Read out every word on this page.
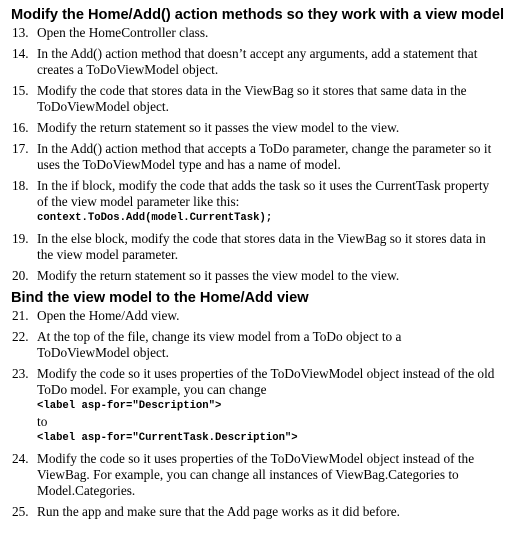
Modify the Home/Add() action methods so they work with a view model
13. Open the HomeController class.
14. In the Add() action method that doesn’t accept any arguments, add a statement that creates a ToDoViewModel object.
15. Modify the code that stores data in the ViewBag so it stores that same data in the ToDoViewModel object.
16. Modify the return statement so it passes the view model to the view.
17. In the Add() action method that accepts a ToDo parameter, change the parameter so it uses the ToDoViewModel type and has a name of model.
18. In the if block, modify the code that adds the task so it uses the CurrentTask property of the view model parameter like this:
context.ToDos.Add(model.CurrentTask);
19. In the else block, modify the code that stores data in the ViewBag so it stores data in the view model parameter.
20. Modify the return statement so it passes the view model to the view.
Bind the view model to the Home/Add view
21. Open the Home/Add view.
22. At the top of the file, change its view model from a ToDo object to a ToDoViewModel object.
23. Modify the code so it uses properties of the ToDoViewModel object instead of the old ToDo model. For example, you can change
<label asp-for="Description">
to
<label asp-for="CurrentTask.Description">
24. Modify the code so it uses properties of the ToDoViewModel object instead of the ViewBag. For example, you can change all instances of ViewBag.Categories to Model.Categories.
25. Run the app and make sure that the Add page works as it did before.
